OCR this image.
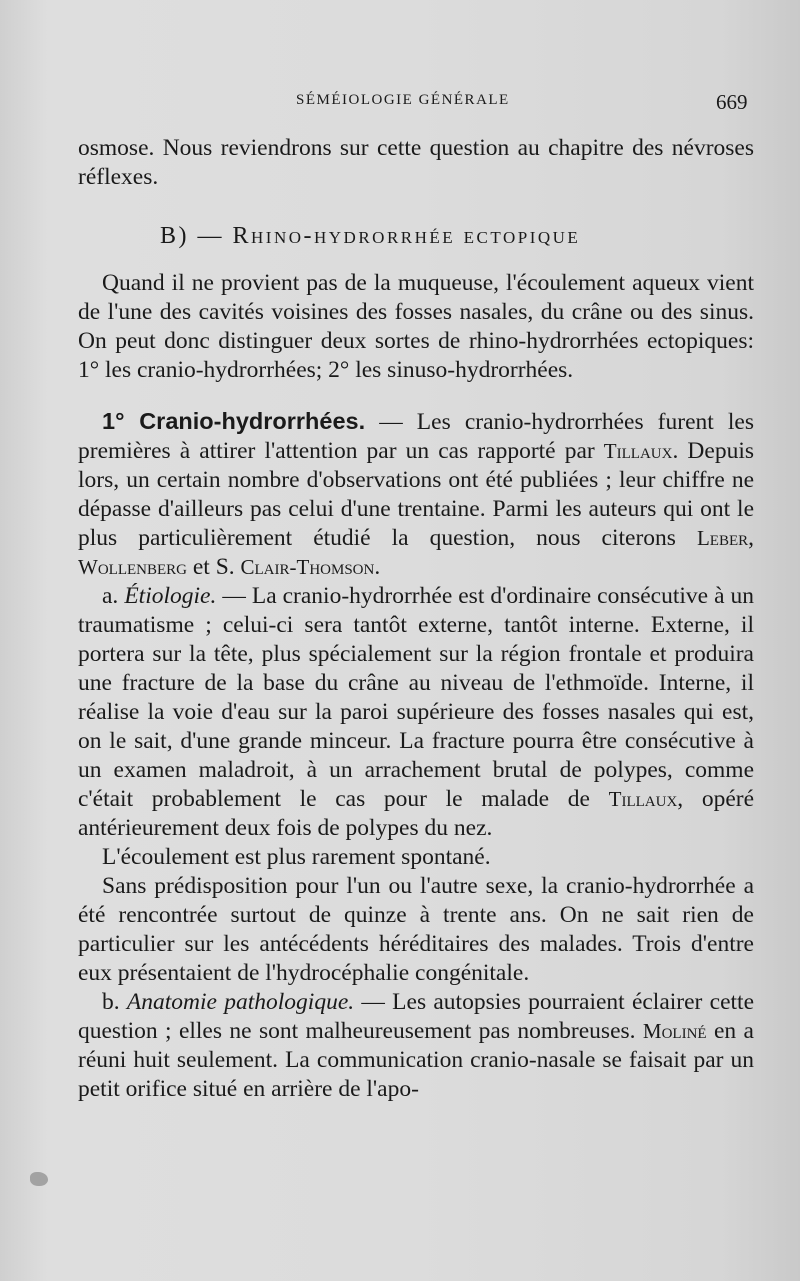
SÉMÉIOLOGIE GÉNÉRALE	669

osmose. Nous reviendrons sur cette question au chapitre des névroses réflexes.

B) — Rhino-hydrorrhée ectopique

Quand il ne provient pas de la muqueuse, l'écoulement aqueux vient de l'une des cavités voisines des fosses nasales, du crâne ou des sinus. On peut donc distinguer deux sortes de rhino-hydrorrhées ectopiques: 1° les cranio-hydrorrhées; 2° les sinuso-hydrorrhées.

1° Cranio-hydrorrhées. — Les cranio-hydrorrhées furent les premières à attirer l'attention par un cas rapporté par Tillaux. Depuis lors, un certain nombre d'observations ont été publiées ; leur chiffre ne dépasse d'ailleurs pas celui d'une trentaine. Parmi les auteurs qui ont le plus particulièrement étudié la question, nous citerons Leber, Wollenberg et S. Clair-Thomson.

a. Étiologie. — La cranio-hydrorrhée est d'ordinaire consécutive à un traumatisme ; celui-ci sera tantôt externe, tantôt interne. Externe, il portera sur la tête, plus spécialement sur la région frontale et produira une fracture de la base du crâne au niveau de l'ethmoïde. Interne, il réalise la voie d'eau sur la paroi supérieure des fosses nasales qui est, on le sait, d'une grande minceur. La fracture pourra être consécutive à un examen maladroit, à un arrachement brutal de polypes, comme c'était probablement le cas pour le malade de Tillaux, opéré antérieurement deux fois de polypes du nez.

L'écoulement est plus rarement spontané.

Sans prédisposition pour l'un ou l'autre sexe, la cranio-hydrorrhée a été rencontrée surtout de quinze à trente ans. On ne sait rien de particulier sur les antécédents héréditaires des malades. Trois d'entre eux présentaient de l'hydrocéphalie congénitale.

b. Anatomie pathologique. — Les autopsies pourraient éclairer cette question ; elles ne sont malheureusement pas nombreuses. Moliné en a réuni huit seulement. La communication cranio-nasale se faisait par un petit orifice situé en arrière de l'apo-
